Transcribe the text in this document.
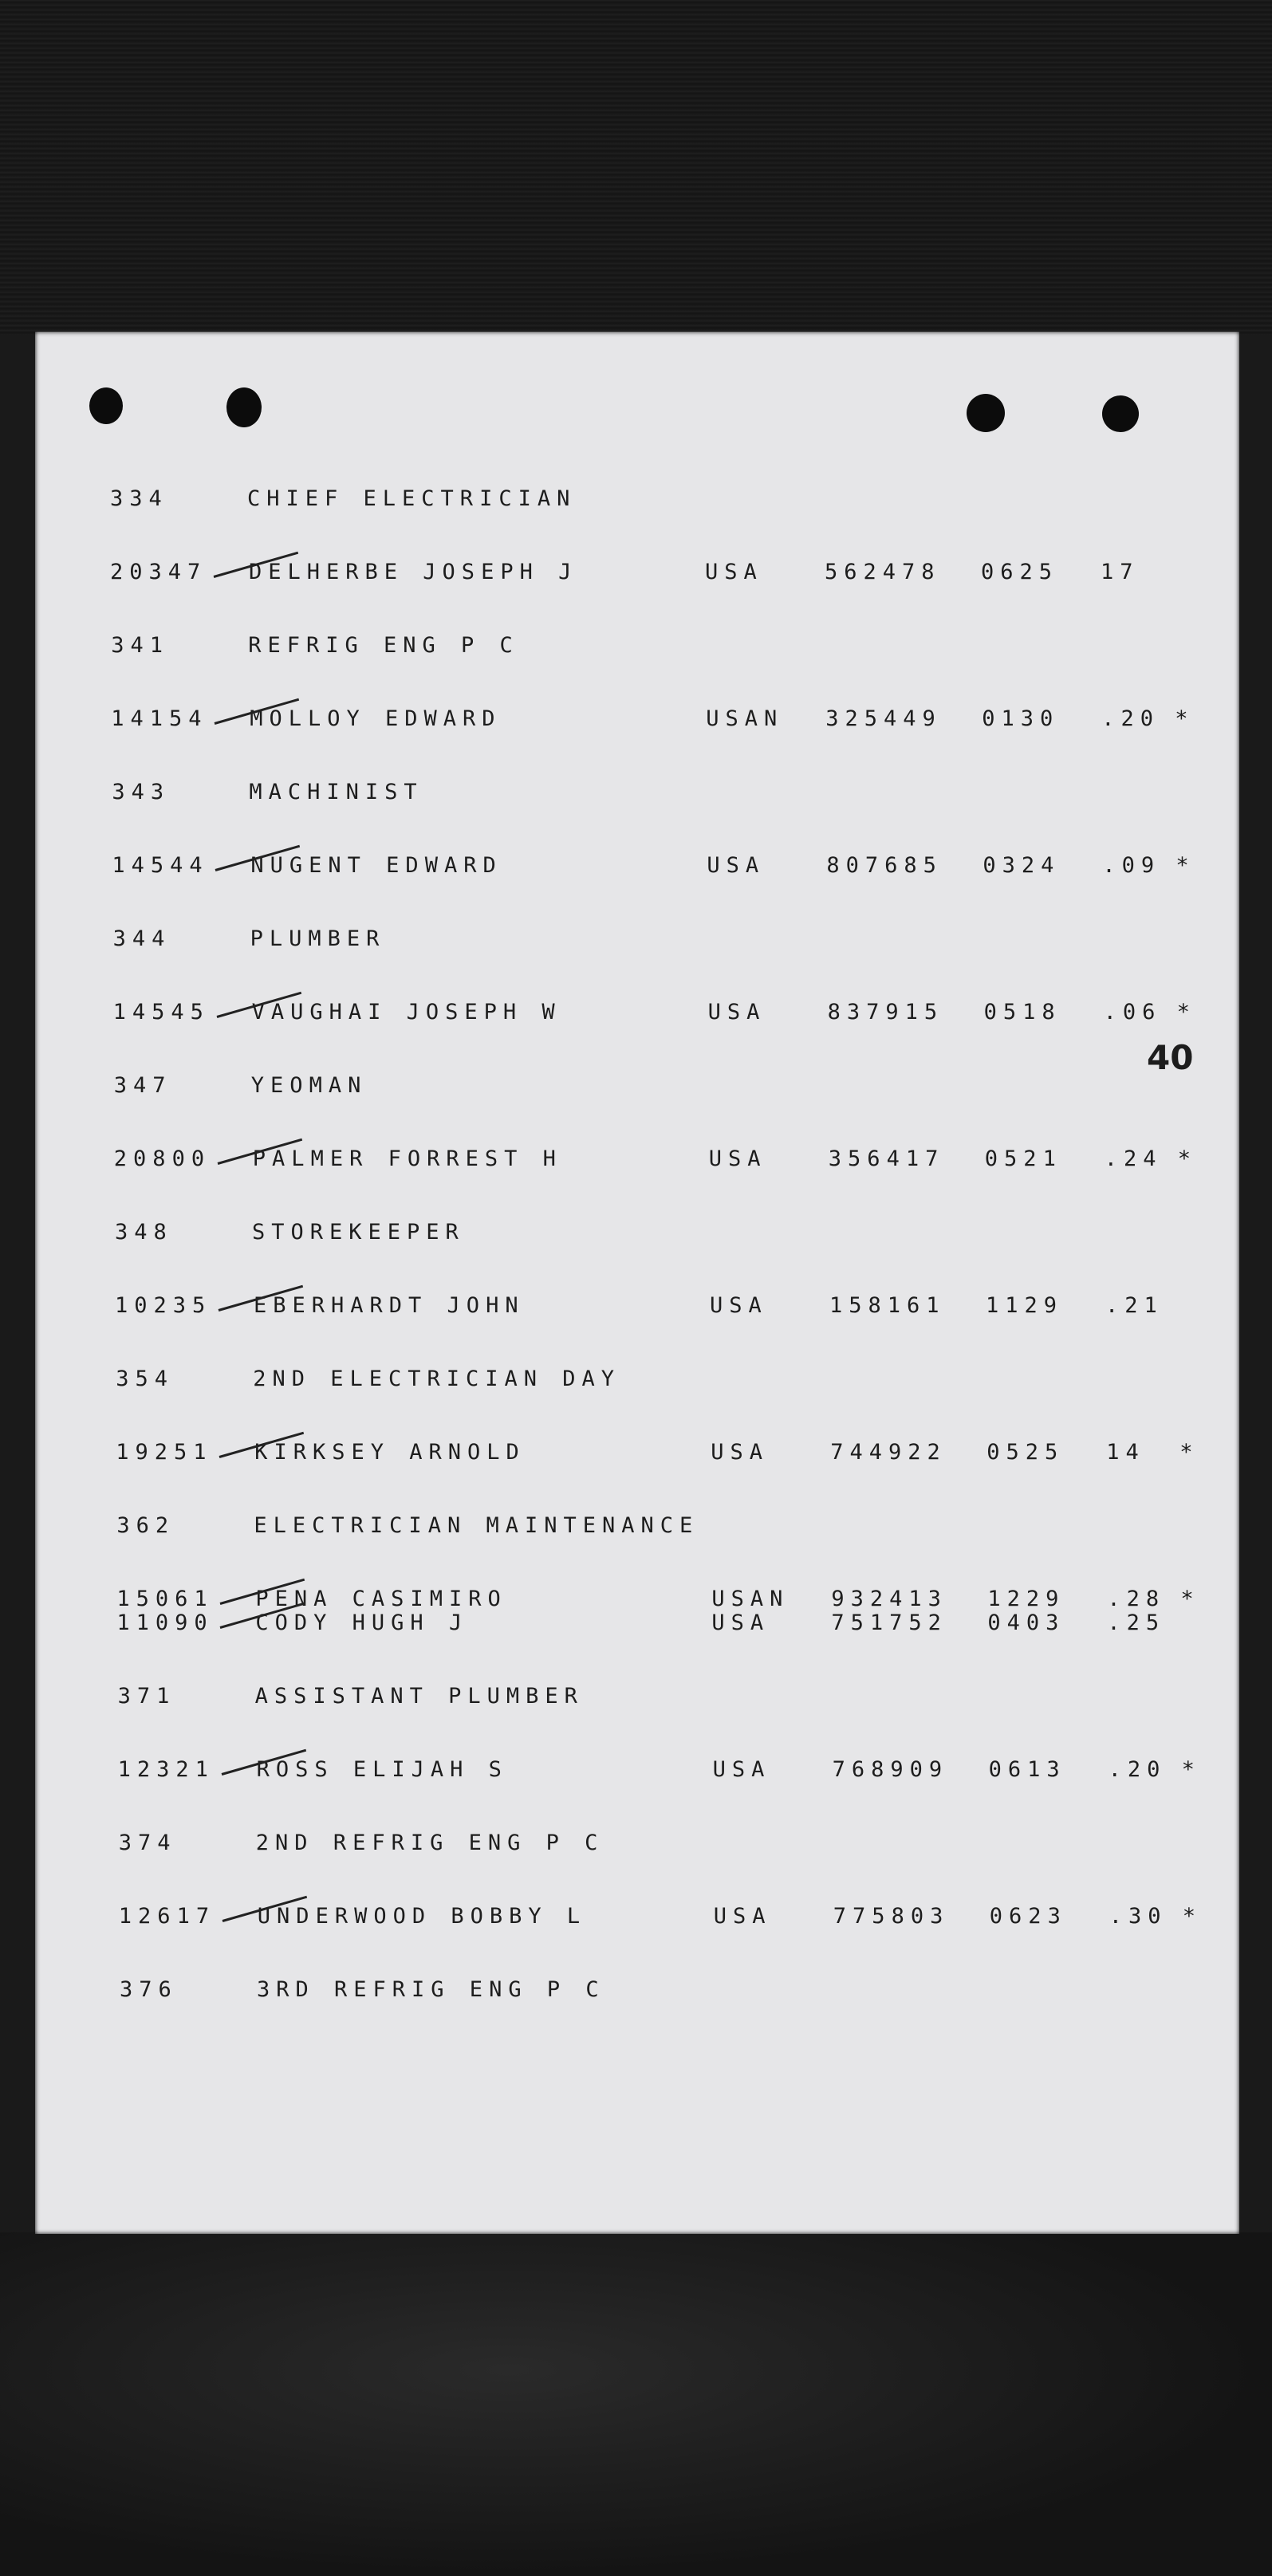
40
334	CHIEF ELECTRICIAN
20347 DELHERBE JOSEPH J	USA	562478 0625 17
341	REFRIG ENG P C
14154 MOLLOY EDWARD	USAN 325449 0130 .20 *
343	MACHINIST
14544 NUGENT EDWARD	USA	807685 0324 .09 *
344	PLUMBER
14545 VAUGHAI JOSEPH W	USA	837915 0518 .06 *
347	YEOMAN
20800 PALMER FORREST H	USA	356417 0521 .24 *
348	STOREKEEPER
10235 EBERHARDT JOHN	USA	158161 1129 .21
354	2ND ELECTRICIAN DAY
19251 KIRKSEY ARNOLD	USA	744922 0525 14 *
362	ELECTRICIAN MAINTENANCE
15061 PENA CASIMIRO	USAN 932413 1229 .28 *
11090 CODY HUGH J	USA	751752 0403 .25
371	ASSISTANT PLUMBER
12321 ROSS ELIJAH S	USA	768909 0613 .20 *
374	2ND REFRIG ENG P C
12617 UNDERWOOD BOBBY L	USA	775803 0623 .30 *
376	3RD REFRIG ENG P C
